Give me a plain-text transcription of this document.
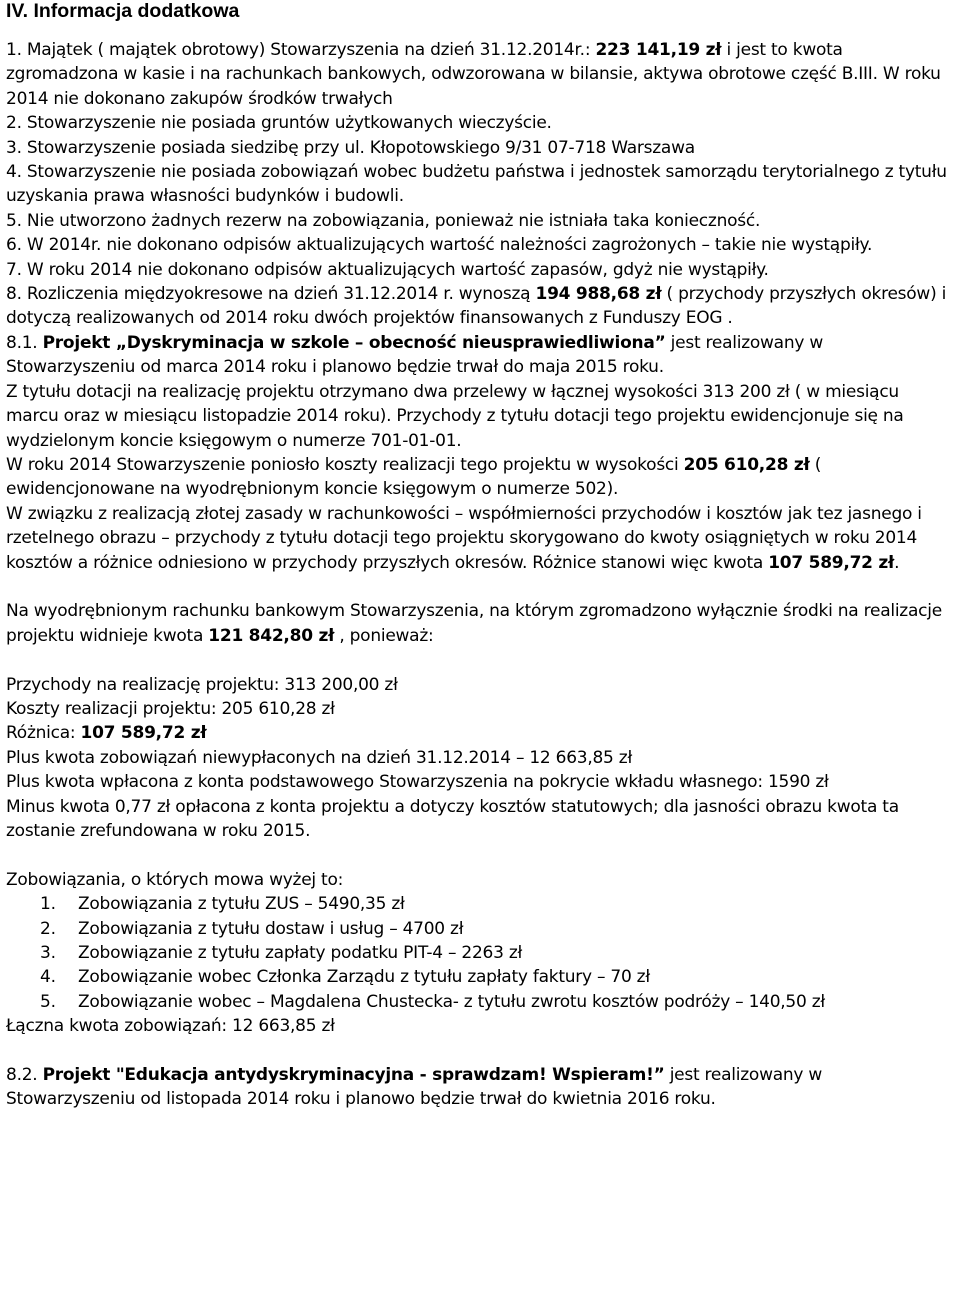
IV. Informacja dodatkowa

1. Majątek ( majątek obrotowy) Stowarzyszenia na dzień 31.12.2014r.: 223 141,19 zł i jest to kwota zgromadzona w kasie i na rachunkach bankowych, odwzorowana w bilansie, aktywa obrotowe część B.III. W roku 2014 nie dokonano zakupów środków trwałych

2. Stowarzyszenie nie posiada gruntów użytkowanych wieczyście.

3. Stowarzyszenie posiada siedzibę przy ul. Kłopotowskiego 9/31 07-718 Warszawa

4. Stowarzyszenie nie posiada zobowiązań wobec budżetu państwa i jednostek samorządu terytorialnego z tytułu uzyskania prawa własności budynków i budowli.

5. Nie utworzono żadnych rezerw na zobowiązania, ponieważ nie istniała taka konieczność.

6. W 2014r. nie dokonano odpisów aktualizujących wartość należności zagrożonych – takie nie wystąpiły.

7. W roku 2014 nie dokonano odpisów aktualizujących wartość zapasów, gdyż nie wystąpiły.

8. Rozliczenia międzyokresowe na dzień 31.12.2014 r. wynoszą 194 988,68 zł ( przychody przyszłych okresów) i dotyczą realizowanych od 2014 roku dwóch projektów finansowanych z Funduszy EOG .

8.1. Projekt „Dyskryminacja w szkole – obecność nieusprawiedliwiona” jest realizowany w Stowarzyszeniu od marca 2014 roku i planowo będzie trwał do maja 2015 roku.

Z tytułu dotacji na realizację projektu otrzymano dwa przelewy w łącznej wysokości 313 200 zł ( w miesiącu marcu oraz w miesiącu listopadzie 2014 roku). Przychody z tytułu dotacji tego projektu ewidencjonuje się na wydzielonym koncie księgowym o numerze 701-01-01.

W roku 2014 Stowarzyszenie poniosło koszty realizacji tego projektu w wysokości 205 610,28 zł ( ewidencjonowane na wyodrębnionym koncie księgowym o numerze 502).

W związku z realizacją złotej zasady w rachunkowości – współmierności przychodów i kosztów jak tez jasnego i rzetelnego obrazu – przychody z tytułu dotacji tego projektu skorygowano do kwoty osiągniętych w roku 2014 kosztów a różnice odniesiono w przychody przyszłych okresów. Różnice stanowi więc kwota 107 589,72 zł.

Na wyodrębnionym rachunku bankowym Stowarzyszenia, na którym zgromadzono wyłącznie środki na realizacje projektu widnieje kwota 121 842,80 zł , ponieważ:

Przychody na realizację projektu: 313 200,00 zł

Koszty realizacji projektu: 205 610,28 zł

Różnica: 107 589,72 zł

Plus kwota zobowiązań niewypłaconych na dzień 31.12.2014 – 12 663,85 zł

Plus kwota wpłacona z konta podstawowego Stowarzyszenia na pokrycie wkładu własnego: 1590 zł

Minus kwota 0,77 zł opłacona z konta projektu a dotyczy kosztów statutowych; dla jasności obrazu kwota ta zostanie zrefundowana w roku 2015.

Zobowiązania, o których mowa wyżej to:

1. Zobowiązania z tytułu ZUS – 5490,35 zł
2. Zobowiązania z tytułu dostaw i usług – 4700 zł
3. Zobowiązanie z tytułu zapłaty podatku PIT-4 – 2263 zł
4. Zobowiązanie wobec Członka Zarządu z tytułu zapłaty faktury – 70 zł
5. Zobowiązanie wobec – Magdalena Chustecka- z tytułu zwrotu kosztów podróży – 140,50 zł

Łączna kwota zobowiązań: 12 663,85 zł

8.2. Projekt "Edukacja antydyskryminacyjna - sprawdzam! Wspieram!” jest realizowany w Stowarzyszeniu od listopada 2014 roku i planowo będzie trwał do kwietnia 2016 roku.
